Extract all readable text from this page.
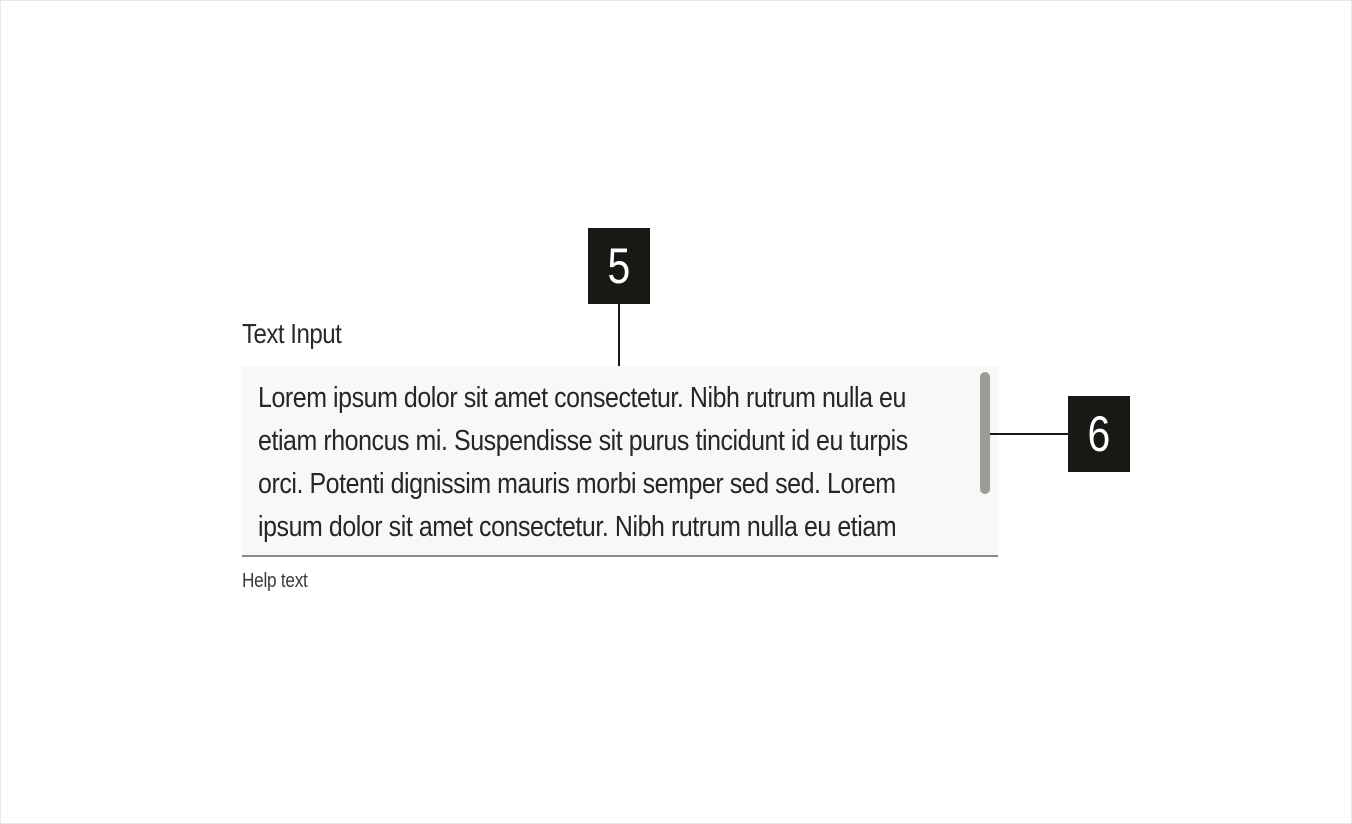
Text Input
Lorem ipsum dolor sit amet consectetur. Nibh rutrum nulla eu
etiam rhoncus mi. Suspendisse sit purus tincidunt id eu turpis
orci. Potenti dignissim mauris morbi semper sed sed. Lorem
ipsum dolor sit amet consectetur. Nibh rutrum nulla eu etiam
Help text
5
6
